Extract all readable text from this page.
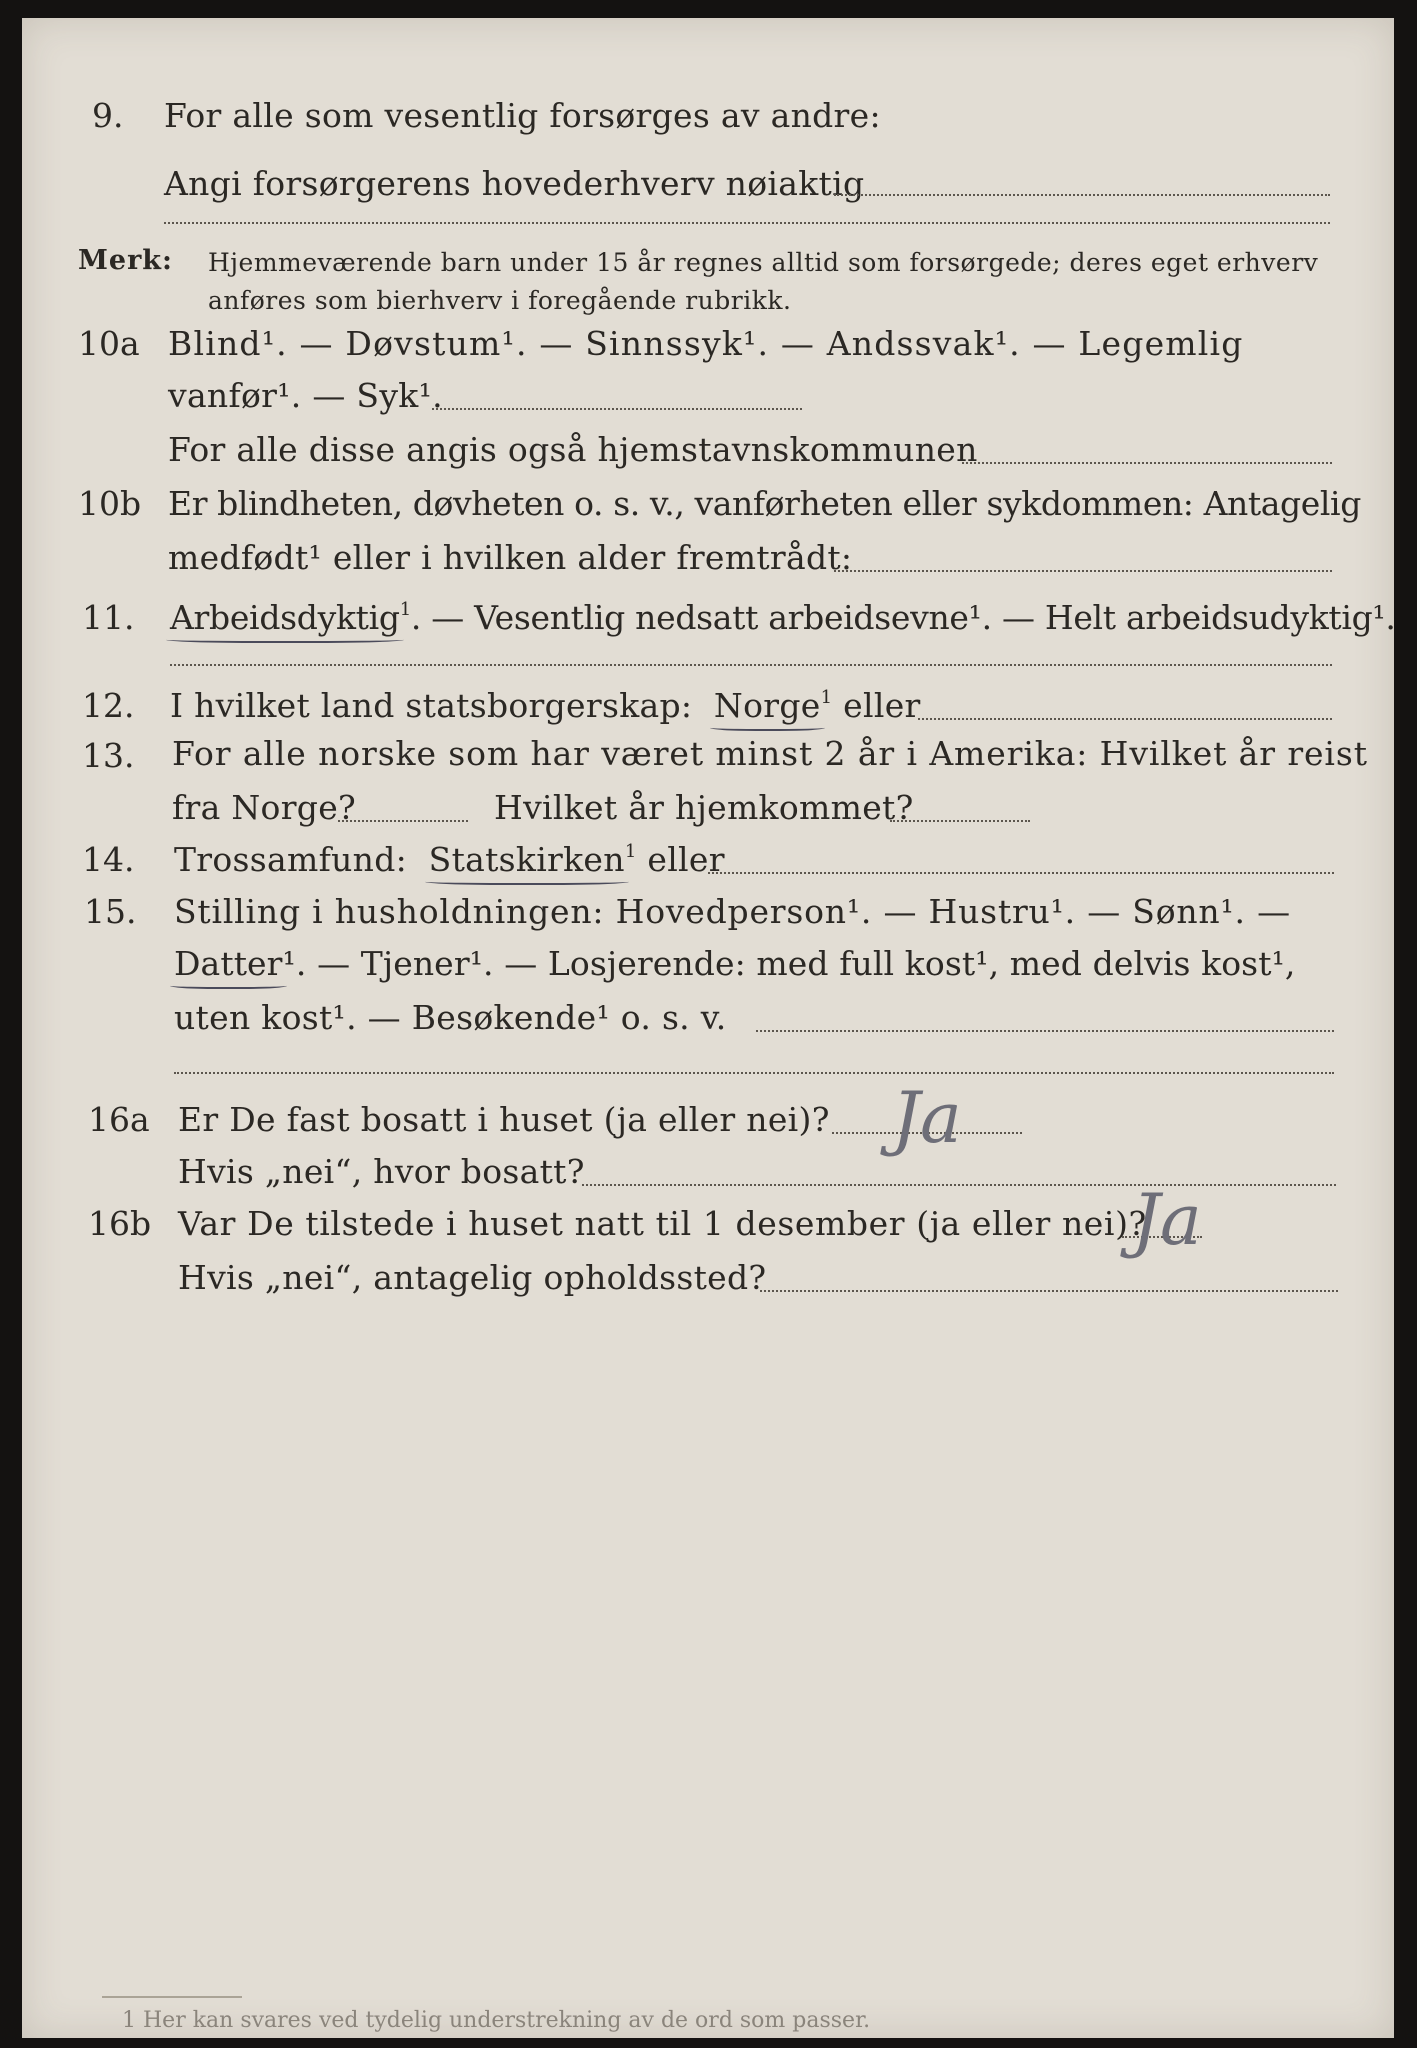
9. For alle som vesentlig forsørges av andre:
Angi forsørgerens hovederhverv nøiaktig
Merk: Hjemmeværende barn under 15 år regnes alltid som forsørgede; deres eget erhverv
anføres som bierhverv i foregående rubrikk.
10a Blind¹. — Døvstum¹. — Sinnssyk¹. — Andssvak¹. — Legemlig
vanfør¹. — Syk¹.
For alle disse angis også hjemstavnskommunen
10b Er blindheten, døvheten o. s. v., vanførheten eller sykdommen: Antagelig
medfødt¹ eller i hvilken alder fremtrådt:
11. Arbeidsdyktig$^1$. — Vesentlig nedsatt arbeidsevne¹. — Helt arbeidsudyktig¹.
12. I hvilket land statsborgerskap: Norge$^1$ eller
13. For alle norske som har været minst 2 år i Amerika: Hvilket år reist
fra Norge?	Hvilket år hjemkommet?
14. Trossamfund: Statskirken$^1$ eller
15. Stilling i husholdningen: Hovedperson¹. — Hustru¹. — Sønn¹. —
Datter¹. — Tjener¹. — Losjerende: med full kost¹, med delvis kost¹,
uten kost¹. — Besøkende¹ o. s. v.
16a Er De fast bosatt i huset (ja eller nei)? Ja
Hvis „nei“, hvor bosatt?
16b Var De tilstede i huset natt til 1 desember (ja eller nei)?
Ja
Hvis „nei“, antagelig opholdssted?
1 Her kan svares ved tydelig understrekning av de ord som passer.
